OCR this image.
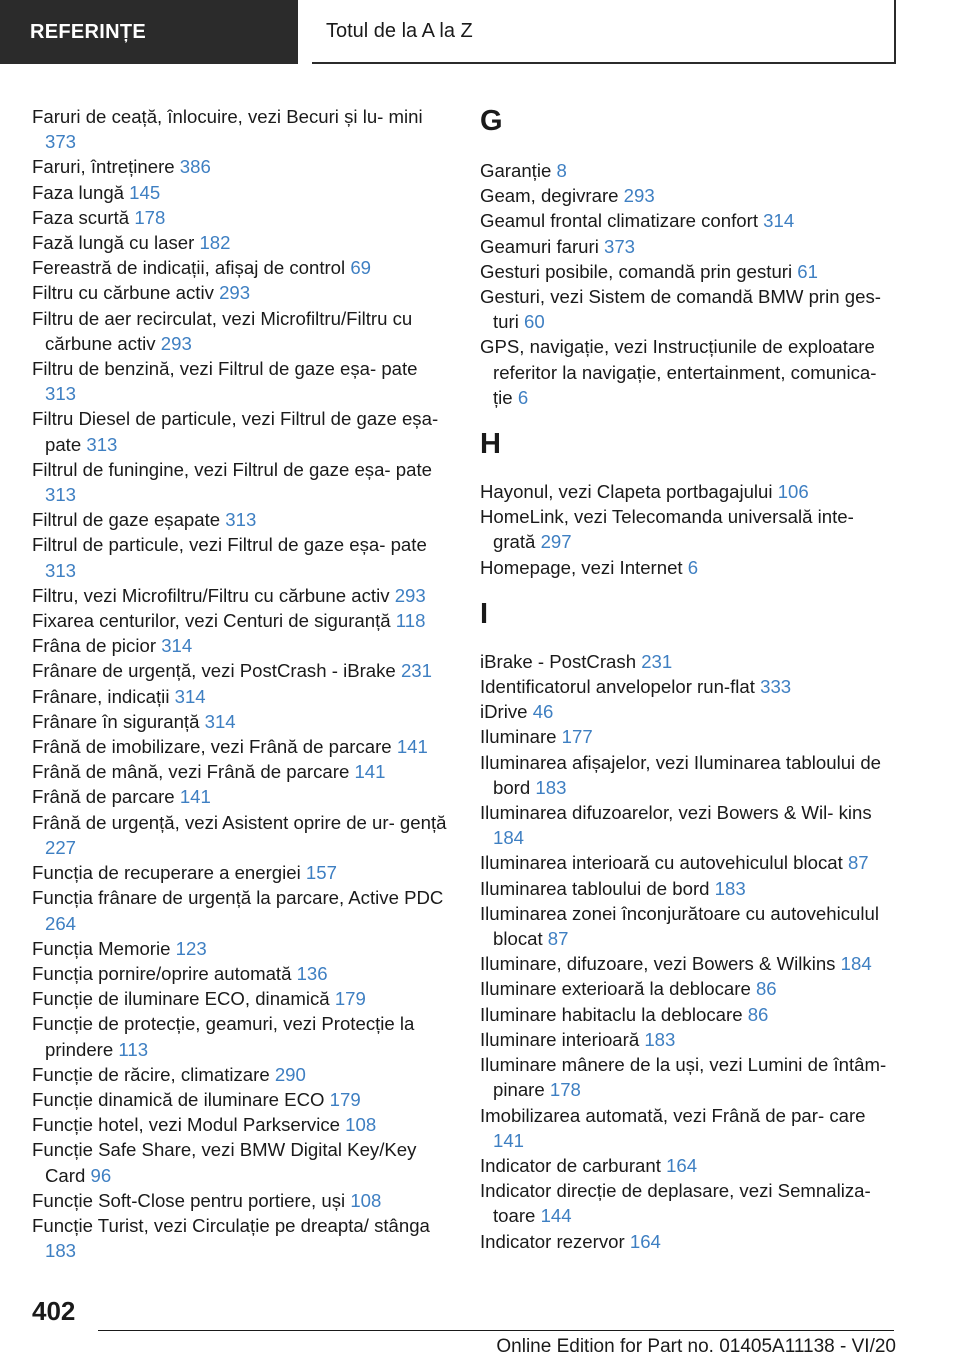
REFERINȚE	Totul de la A la Z
Faruri de ceață, înlocuire, vezi Becuri și lu‐ mini 373
Faruri, întreținere 386
Faza lungă 145
Faza scurtă 178
Fază lungă cu laser 182
Fereastră de indicații, afișaj de control 69
Filtru cu cărbune activ 293
Filtru de aer recirculat, vezi Microfiltru/Filtru cu cărbune activ 293
Filtru de benzină, vezi Filtrul de gaze eșa‐ pate 313
Filtru Diesel de particule, vezi Filtrul de gaze eșa‐ pate 313
Filtrul de funingine, vezi Filtrul de gaze eșa‐ pate 313
Filtrul de gaze eșapate 313
Filtrul de particule, vezi Filtrul de gaze eșa‐ pate 313
Filtru, vezi Microfiltru/Filtru cu cărbune activ 293
Fixarea centurilor, vezi Centuri de siguranță 118
Frâna de picior 314
Frânare de urgență, vezi PostCrash - iBrake 231
Frânare, indicații 314
Frânare în siguranță 314
Frână de imobilizare, vezi Frână de parcare 141
Frână de mână, vezi Frână de parcare 141
Frână de parcare 141
Frână de urgență, vezi Asistent oprire de ur‐ gență 227
Funcția de recuperare a energiei 157
Funcția frânare de urgență la parcare, Active PDC 264
Funcția Memorie 123
Funcția pornire/oprire automată 136
Funcție de iluminare ECO, dinamică 179
Funcție de protecție, geamuri, vezi Protecție la prindere 113
Funcție de răcire, climatizare 290
Funcție dinamică de iluminare ECO 179
Funcție hotel, vezi Modul Parkservice 108
Funcție Safe Share, vezi BMW Digital Key/Key Card 96
Funcție Soft-Close pentru portiere, uși 108
Funcție Turist, vezi Circulație pe dreapta/ stânga 183
G
Garanție 8
Geam, degivrare 293
Geamul frontal climatizare confort 314
Geamuri faruri 373
Gesturi posibile, comandă prin gesturi 61
Gesturi, vezi Sistem de comandă BMW prin ges‐ turi 60
GPS, navigație, vezi Instrucțiunile de exploatare referitor la navigație, entertainment, comunica‐ ție 6
H
Hayonul, vezi Clapeta portbagajului 106
HomeLink, vezi Telecomanda universală inte‐ grată 297
Homepage, vezi Internet 6
I
iBrake - PostCrash 231
Identificatorul anvelopelor run-flat 333
iDrive 46
Iluminare 177
Iluminarea afișajelor, vezi Iluminarea tabloului de bord 183
Iluminarea difuzoarelor, vezi Bowers & Wil‐ kins 184
Iluminarea interioară cu autovehiculul blocat 87
Iluminarea tabloului de bord 183
Iluminarea zonei înconjurătoare cu autovehiculul blocat 87
Iluminare, difuzoare, vezi Bowers & Wilkins 184
Iluminare exterioară la deblocare 86
Iluminare habitaclu la deblocare 86
Iluminare interioară 183
Iluminare mânere de la uși, vezi Lumini de întâm‐ pinare 178
Imobilizarea automată, vezi Frână de par‐ care 141
Indicator de carburant 164
Indicator direcție de deplasare, vezi Semnaliza‐ toare 144
Indicator rezervor 164
402
Online Edition for Part no. 01405A11138 - VI/20
